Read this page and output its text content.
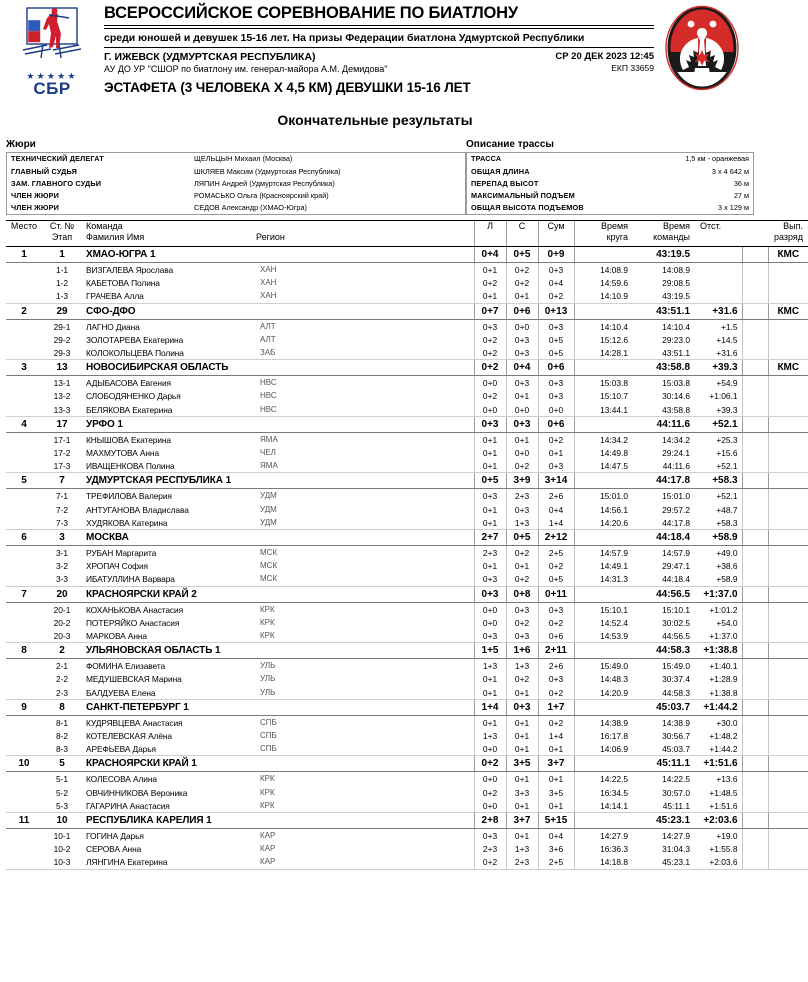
★★★★★
СБР
ВСЕРОССИЙСКОЕ СОРЕВНОВАНИЕ ПО БИАТЛОНУ
среди юношей и девушек 15-16 лет. На призы Федерации биатлона Удмуртской Республики
Г. ИЖЕВСК (УДМУРТСКАЯ РЕСПУБЛИКА)
АУ ДО УР "СШОР по биатлону им. генерал-майора А.М. Демидова"
СР 20 ДЕК 2023 12:45
ЕКП 33659
ЭСТАФЕТА (3 ЧЕЛОВЕКА Х 4,5 КМ) ДЕВУШКИ 15-16 ЛЕТ
Окончательные результаты
Жюри
ТЕХНИЧЕСКИЙ ДЕЛЕГАТ	ЩЕЛЬЦЫН Михаил (Москва)
ГЛАВНЫЙ СУДЬЯ	ШКЛЯЕВ Максим (Удмуртская Республика)
ЗАМ. ГЛАВНОГО СУДЬИ	ЛЯПИН Андрей (Удмуртская Республика)
ЧЛЕН ЖЮРИ	РОМАСЬКО Ольга (Красноярский край)
ЧЛЕН ЖЮРИ	СЕДОВ Александр (ХМАО-Югра)
Описание трассы
ТРАССА	1,5 км - оранжевая
ОБЩАЯ ДЛИНА	3 x 4 642 м
ПЕРЕПАД ВЫСОТ	36 м
МАКСИМАЛЬНЫЙ ПОДЪЕМ	27 м
ОБЩАЯ ВЫСОТА ПОДЪЕМОВ	3 x 129 м
Место	Ст. №	Команда		Л	С	Сум	Время	Время	Отст.		Вып.
	Этап	Фамилия Имя	Регион				круга	команды			разряд
1	1	ХМАО-ЮГРА 1		0+4	0+5	0+9		43:19.5			КМС
	1-1	ВИЗГАЛЕВА Ярослава	ХАН	0+1	0+2	0+3	14:08.9	14:08.9			
	1-2	КАБЕТОВА Полина	ХАН	0+2	0+2	0+4	14:59.6	29:08.5			
	1-3	ГРАЧЕВА Алла	ХАН	0+1	0+1	0+2	14:10.9	43:19.5			
2	29	СФО-ДФО		0+7	0+6	0+13		43:51.1	+31.6		КМС
	29-1	ЛАГНО Диана	АЛТ	0+3	0+0	0+3	14:10.4	14:10.4	+1.5		
	29-2	ЗОЛОТАРЕВА Екатерина	АЛТ	0+2	0+3	0+5	15:12.6	29:23.0	+14.5		
	29-3	КОЛОКОЛЬЦЕВА Полина	ЗАБ	0+2	0+3	0+5	14:28.1	43:51.1	+31.6		
3	13	НОВОСИБИРСКАЯ ОБЛАСТЬ		0+2	0+4	0+6		43:58.8	+39.3		КМС
	13-1	АДЫБАСОВА Евгения	НВС	0+0	0+3	0+3	15:03.8	15:03.8	+54.9		
	13-2	СЛОБОДЯНЕНКО Дарья	НВС	0+2	0+1	0+3	15:10.7	30:14.6	+1:06.1		
	13-3	БЕЛЯКОВА Екатерина	НВС	0+0	0+0	0+0	13:44.1	43:58.8	+39.3		
4	17	УРФО 1		0+3	0+3	0+6		44:11.6	+52.1		
	17-1	КНЫШОВА Екатерина	ЯМА	0+1	0+1	0+2	14:34.2	14:34.2	+25.3		
	17-2	МАХМУТОВА Анна	ЧЕЛ	0+1	0+0	0+1	14:49.8	29:24.1	+15.6		
	17-3	ИВАЩЕНКОВА Полина	ЯМА	0+1	0+2	0+3	14:47.5	44:11.6	+52.1		
5	7	УДМУРТСКАЯ РЕСПУБЛИКА 1		0+5	3+9	3+14		44:17.8	+58.3		
	7-1	ТРЕФИЛОВА Валерия	УДМ	0+3	2+3	2+6	15:01.0	15:01.0	+52.1		
	7-2	АНТУГАНОВА Владислава	УДМ	0+1	0+3	0+4	14:56.1	29:57.2	+48.7		
	7-3	ХУДЯКОВА Катерина	УДМ	0+1	1+3	1+4	14:20.6	44:17.8	+58.3		
6	3	МОСКВА		2+7	0+5	2+12		44:18.4	+58.9		
	3-1	РУБАН Маргарита	МСК	2+3	0+2	2+5	14:57.9	14:57.9	+49.0		
	3-2	ХРОПАЧ София	МСК	0+1	0+1	0+2	14:49.1	29:47.1	+38.6		
	3-3	ИБАТУЛЛИНА Варвара	МСК	0+3	0+2	0+5	14:31.3	44:18.4	+58.9		
7	20	КРАСНОЯРСКИ КРАЙ 2		0+3	0+8	0+11		44:56.5	+1:37.0		
	20-1	КОХАНЬКОВА Анастасия	КРК	0+0	0+3	0+3	15:10.1	15:10.1	+1:01.2		
	20-2	ПОТЕРЯЙКО Анастасия	КРК	0+0	0+2	0+2	14:52.4	30:02.5	+54.0		
	20-3	МАРКОВА Анна	КРК	0+3	0+3	0+6	14:53.9	44:56.5	+1:37.0		
8	2	УЛЬЯНОВСКАЯ ОБЛАСТЬ 1		1+5	1+6	2+11		44:58.3	+1:38.8		
	2-1	ФОМИНА Елизавета	УЛЬ	1+3	1+3	2+6	15:49.0	15:49.0	+1:40.1		
	2-2	МЕДУШЕВСКАЯ Марина	УЛЬ	0+1	0+2	0+3	14:48.3	30:37.4	+1:28.9		
	2-3	БАЛДУЕВА Елена	УЛЬ	0+1	0+1	0+2	14:20.9	44:58.3	+1:38.8		
9	8	САНКТ-ПЕТЕРБУРГ 1		1+4	0+3	1+7		45:03.7	+1:44.2		
	8-1	КУДРЯВЦЕВА Анастасия	СПБ	0+1	0+1	0+2	14:38.9	14:38.9	+30.0		
	8-2	КОТЕЛЕВСКАЯ Алёна	СПБ	1+3	0+1	1+4	16:17.8	30:56.7	+1:48.2		
	8-3	АРЕФЬЕВА Дарья	СПБ	0+0	0+1	0+1	14:06.9	45:03.7	+1:44.2		
10	5	КРАСНОЯРСКИ КРАЙ 1		0+2	3+5	3+7		45:11.1	+1:51.6		
	5-1	КОЛЕСОВА Алина	КРК	0+0	0+1	0+1	14:22.5	14:22.5	+13.6		
	5-2	ОВЧИННИКОВА Вероника	КРК	0+2	3+3	3+5	16:34.5	30:57.0	+1:48.5		
	5-3	ГАГАРИНА Анастасия	КРК	0+0	0+1	0+1	14:14.1	45:11.1	+1:51.6		
11	10	РЕСПУБЛИКА КАРЕЛИЯ 1		2+8	3+7	5+15		45:23.1	+2:03.6		
	10-1	ГОГИНА Дарья	КАР	0+3	0+1	0+4	14:27.9	14:27.9	+19.0		
	10-2	СЕРОВА Анна	КАР	2+3	1+3	3+6	16:36.3	31:04.3	+1:55.8		
	10-3	ЛЯНГИНА Екатерина	КАР	0+2	2+3	2+5	14:18.8	45:23.1	+2:03.6		
